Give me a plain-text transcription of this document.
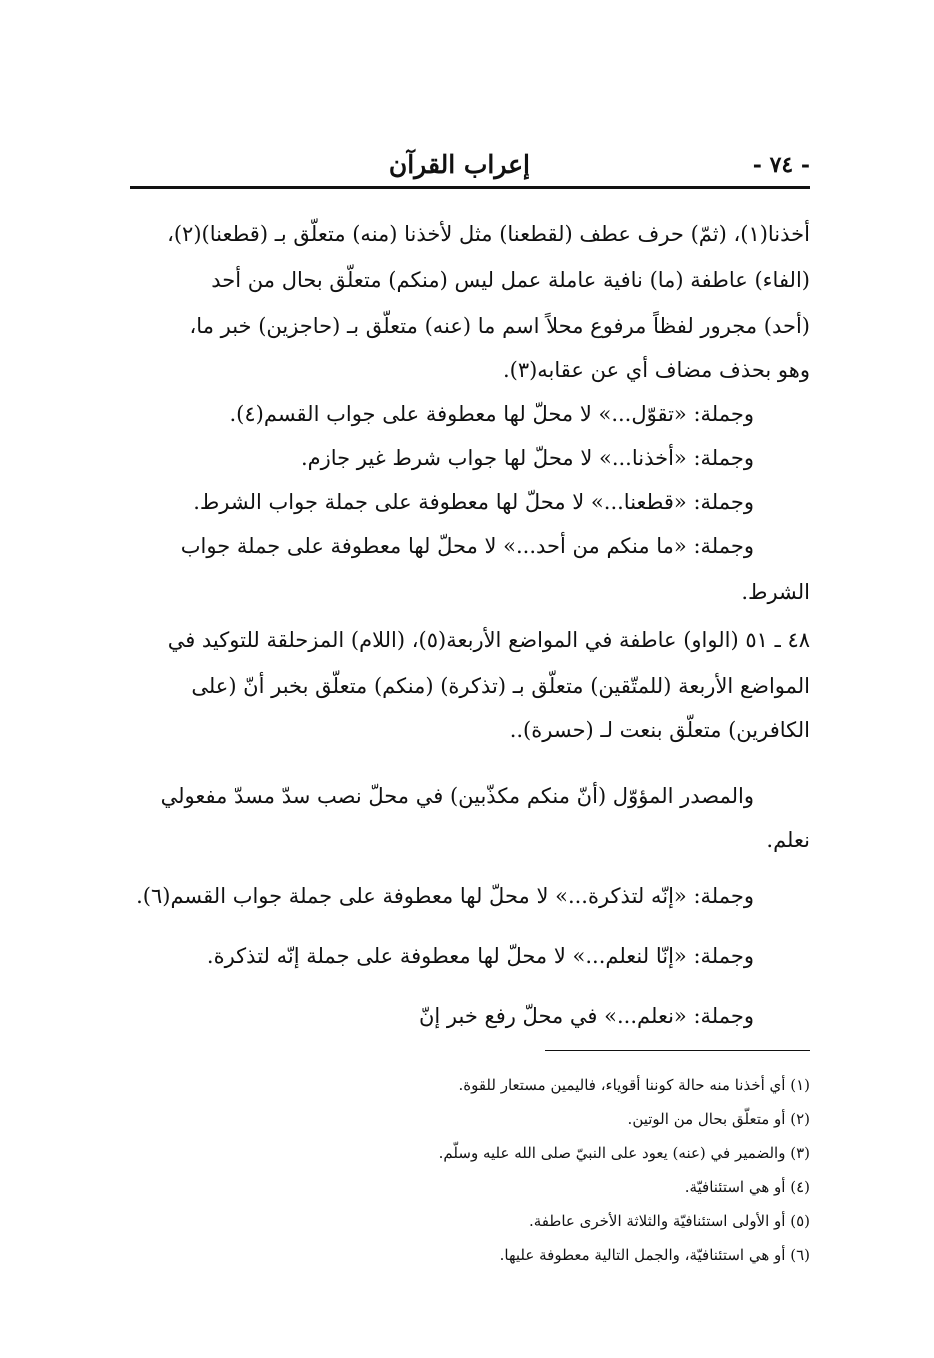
- ٧٤ -
إعراب القرآن
أخذنا(١)، (ثمّ) حرف عطف (لقطعنا) مثل لأخذنا (منه) متعلّق بـ (قطعنا)(٢)،
(الفاء) عاطفة (ما) نافية عاملة عمل ليس (منكم) متعلّق بحال من أحد
(أحد) مجرور لفظاً مرفوع محلاً اسم ما (عنه) متعلّق بـ (حاجزين) خبر ما،
وهو بحذف مضاف أي عن عقابه(٣).
وجملة: «تقوّل...» لا محلّ لها معطوفة على جواب القسم(٤).
وجملة: «أخذنا...» لا محلّ لها جواب شرط غير جازم.
وجملة: «قطعنا...» لا محلّ لها معطوفة على جملة جواب الشرط.
وجملة: «ما منكم من أحد...» لا محلّ لها معطوفة على جملة جواب
الشرط.
٤٨ ـ ٥١ (الواو) عاطفة في المواضع الأربعة(٥)، (اللام) المزحلقة للتوكيد في
المواضع الأربعة (للمتّقين) متعلّق بـ (تذكرة) (منكم) متعلّق بخبر أنّ (على
الكافرين) متعلّق بنعت لـ (حسرة)..
والمصدر المؤوّل (أنّ منكم مكذّبين) في محلّ نصب سدّ مسدّ مفعولي
نعلم.
وجملة: «إنّه لتذكرة...» لا محلّ لها معطوفة على جملة جواب القسم(٦).
وجملة: «إنّا لنعلم...» لا محلّ لها معطوفة على جملة إنّه لتذكرة.
وجملة: «نعلم...» في محلّ رفع خبر إنّ
(١) أي أخذنا منه حالة كوننا أقوياء، فاليمين مستعار للقوة.
(٢) أو متعلّق بحال من الوتين.
(٣) والضمير في (عنه) يعود على النبيّ صلى الله عليه وسلّم.
(٤) أو هي استئنافيّة.
(٥) أو الأولى استئنافيّة والثلاثة الأخرى عاطفة.
(٦) أو هي استئنافيّة، والجمل التالية معطوفة عليها.
